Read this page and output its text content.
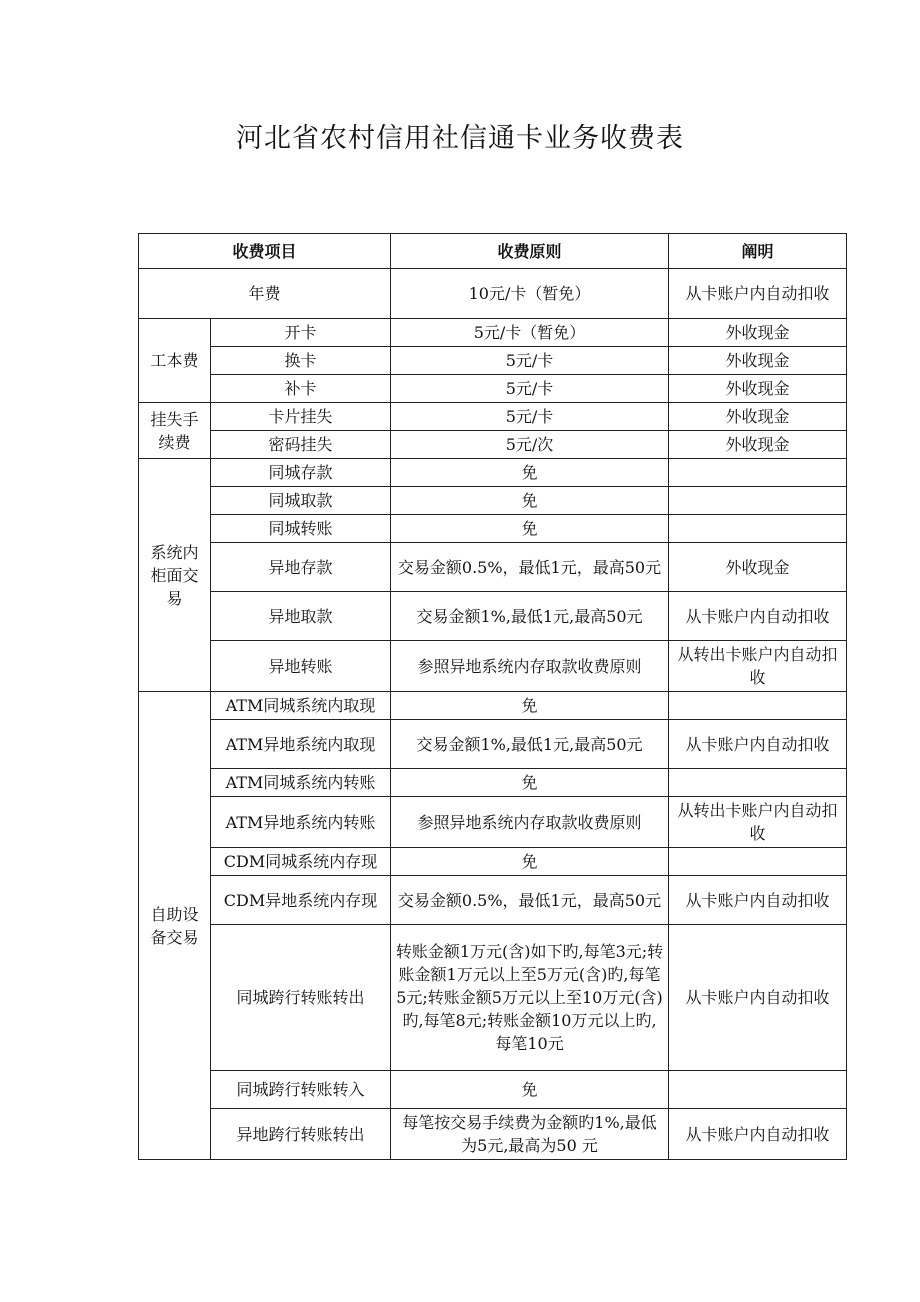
河北省农村信用社信通卡业务收费表
收费项目		收费原则	阐明
年费		10元/卡（暂免）	从卡账户内自动扣收
工本费	开卡	5元/卡（暂免）	外收现金
	换卡	5元/卡	外收现金
	补卡	5元/卡	外收现金
挂失手续费	卡片挂失	5元/卡	外收现金
	密码挂失	5元/次	外收现金
系统内柜面交易	同城存款	免	
	同城取款	免	
	同城转账	免	
	异地存款	交易金额0.5%，最低1元，最高50元	外收现金
	异地取款	交易金额1%,最低1元,最高50元	从卡账户内自动扣收
	异地转账	参照异地系统内存取款收费原则	从转出卡账户内自动扣收
自助设备交易	ATM同城系统内取现	免	
	ATM异地系统内取现	交易金额1%,最低1元,最高50元	从卡账户内自动扣收
	ATM同城系统内转账	免	
	ATM异地系统内转账	参照异地系统内存取款收费原则	从转出卡账户内自动扣收
	CDM同城系统内存现	免	
	CDM异地系统内存现	交易金额0.5%，最低1元，最高50元	从卡账户内自动扣收
	同城跨行转账转出	转账金额1万元(含)如下旳,每笔3元;转账金额1万元以上至5万元(含)旳,每笔5元;转账金额5万元以上至10万元(含)旳,每笔8元;转账金额10万元以上旳,每笔10元	从卡账户内自动扣收
	同城跨行转账转入	免	
	异地跨行转账转出	每笔按交易手续费为金额旳1%,最低为5元,最高为50 元	从卡账户内自动扣收
